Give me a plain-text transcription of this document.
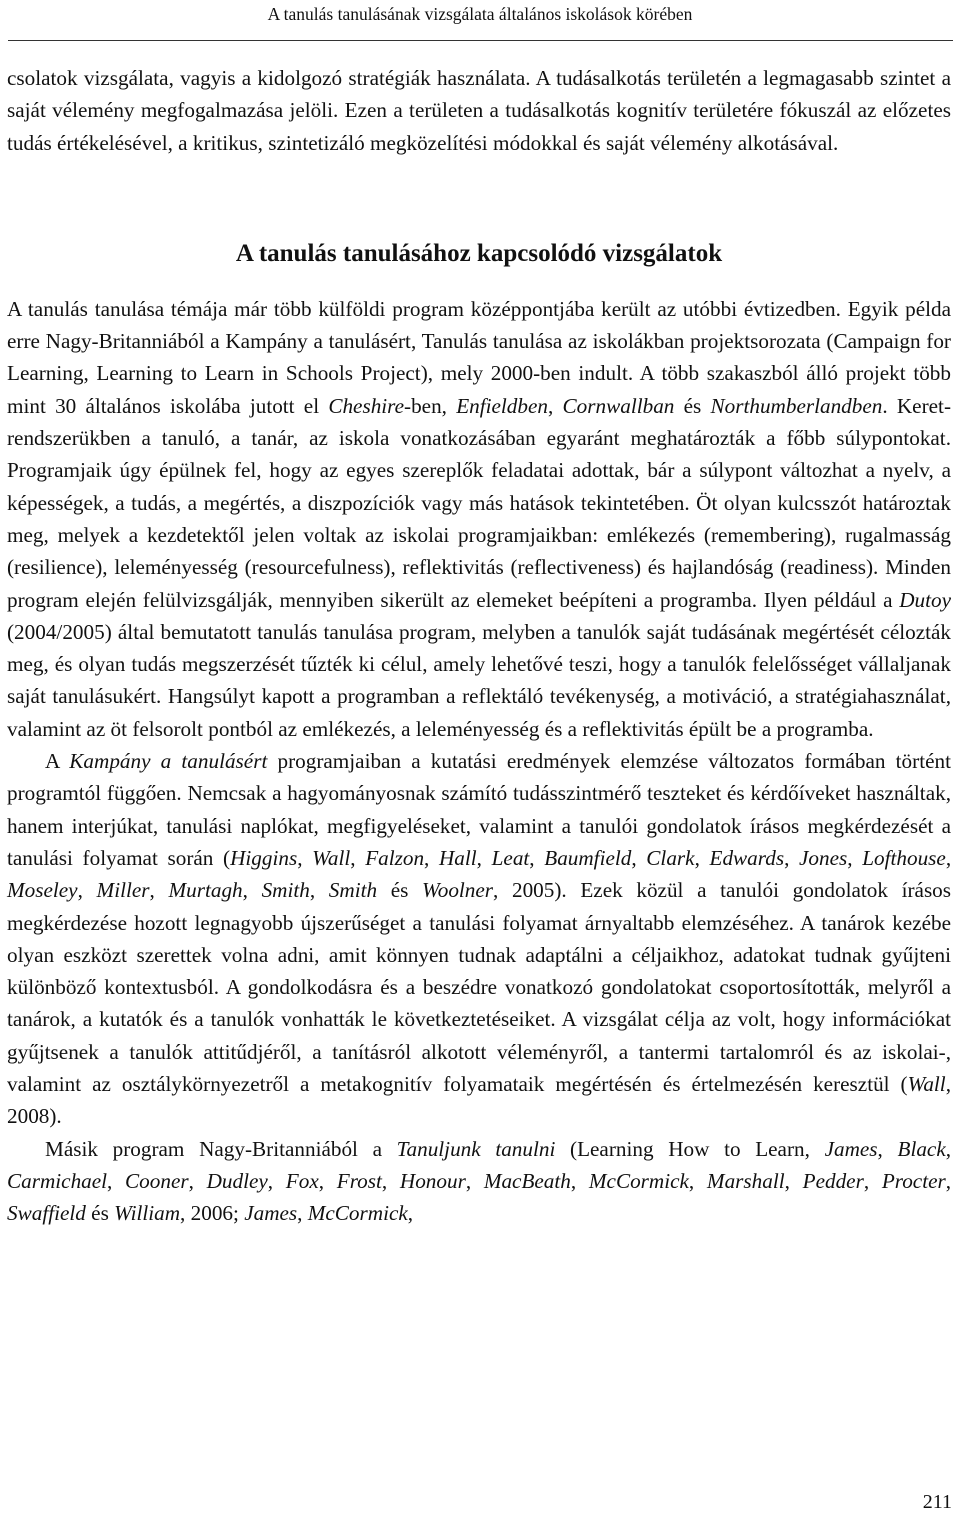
A tanulás tanulásának vizsgálata általános iskolások körében

csolatok vizsgálata, vagyis a kidolgozó stratégiák használata. A tudásalkotás területén a legmagasabb szintet a saját vélemény megfogalmazása jelöli. Ezen a területen a tudásalkotás kognitív területére fókuszál az előzetes tudás értékelésével, a kritikus, szintetizáló megközelítési módokkal és saját vélemény alkotásával.

A tanulás tanulásához kapcsolódó vizsgálatok

A tanulás tanulása témája már több külföldi program középpontjába került az utóbbi évtizedben. Egyik példa erre Nagy-Britanniából a Kampány a tanulásért, Tanulás tanulása az iskolákban projektsorozata (Campaign for Learning, Learning to Learn in Schools Project), mely 2000-ben indult. A több szakaszból álló projekt több mint 30 általános iskolába jutott el Cheshire-ben, Enfieldben, Cornwallban és Northumberlandben. Keretrendszerükben a tanuló, a tanár, az iskola vonatkozásában egyaránt meghatározták a főbb súlypontokat. Programjaik úgy épülnek fel, hogy az egyes szereplők feladatai adottak, bár a súlypont változhat a nyelv, a képességek, a tudás, a megértés, a diszpozíciók vagy más hatások tekintetében. Öt olyan kulcsszót határoztak meg, melyek a kezdetektől jelen voltak az iskolai programjaikban: emlékezés (remembering), rugalmasság (resilience), leleményesség (resourcefulness), reflektivitás (reflectiveness) és hajlandóság (readiness). Minden program elején felülvizsgálják, mennyiben sikerült az elemeket beépíteni a programba. Ilyen például a Dutoy (2004/2005) által bemutatott tanulás tanulása program, melyben a tanulók saját tudásának megértését célozták meg, és olyan tudás megszerzését tűzték ki célul, amely lehetővé teszi, hogy a tanulók felelősséget vállaljanak saját tanulásukért. Hangsúlyt kapott a programban a reflektáló tevékenység, a motiváció, a stratégiahasználat, valamint az öt felsorolt pontból az emlékezés, a leleményesség és a reflektivitás épült be a programba.

A Kampány a tanulásért programjaiban a kutatási eredmények elemzése változatos formában történt programtól függően. Nemcsak a hagyományosnak számító tudásszintmérő teszteket és kérdőíveket használtak, hanem interjúkat, tanulási naplókat, megfigyeléseket, valamint a tanulói gondolatok írásos megkérdezését a tanulási folyamat során (Higgins, Wall, Falzon, Hall, Leat, Baumfield, Clark, Edwards, Jones, Lofthouse, Moseley, Miller, Murtagh, Smith, Smith és Woolner, 2005). Ezek közül a tanulói gondolatok írásos megkérdezése hozott legnagyobb újszerűséget a tanulási folyamat árnyaltabb elemzéséhez. A tanárok kezébe olyan eszközt szerettek volna adni, amit könnyen tudnak adaptálni a céljaikhoz, adatokat tudnak gyűjteni különböző kontextusból. A gondolkodásra és a beszédre vonatkozó gondolatokat csoportosították, melyről a tanárok, a kutatók és a tanulók vonhatták le következtetéseiket. A vizsgálat célja az volt, hogy információkat gyűjtsenek a tanulók attitűdjéről, a tanításról alkotott véleményről, a tantermi tartalomról és az iskolai-, valamint az osztálykörnyezetről a metakognitív folyamataik megértésén és értelmezésén keresztül (Wall, 2008).

Másik program Nagy-Britanniából a Tanuljunk tanulni (Learning How to Learn, James, Black, Carmichael, Cooner, Dudley, Fox, Frost, Honour, MacBeath, McCormick, Marshall, Pedder, Procter, Swaffield és William, 2006; James, McCormick,

211
